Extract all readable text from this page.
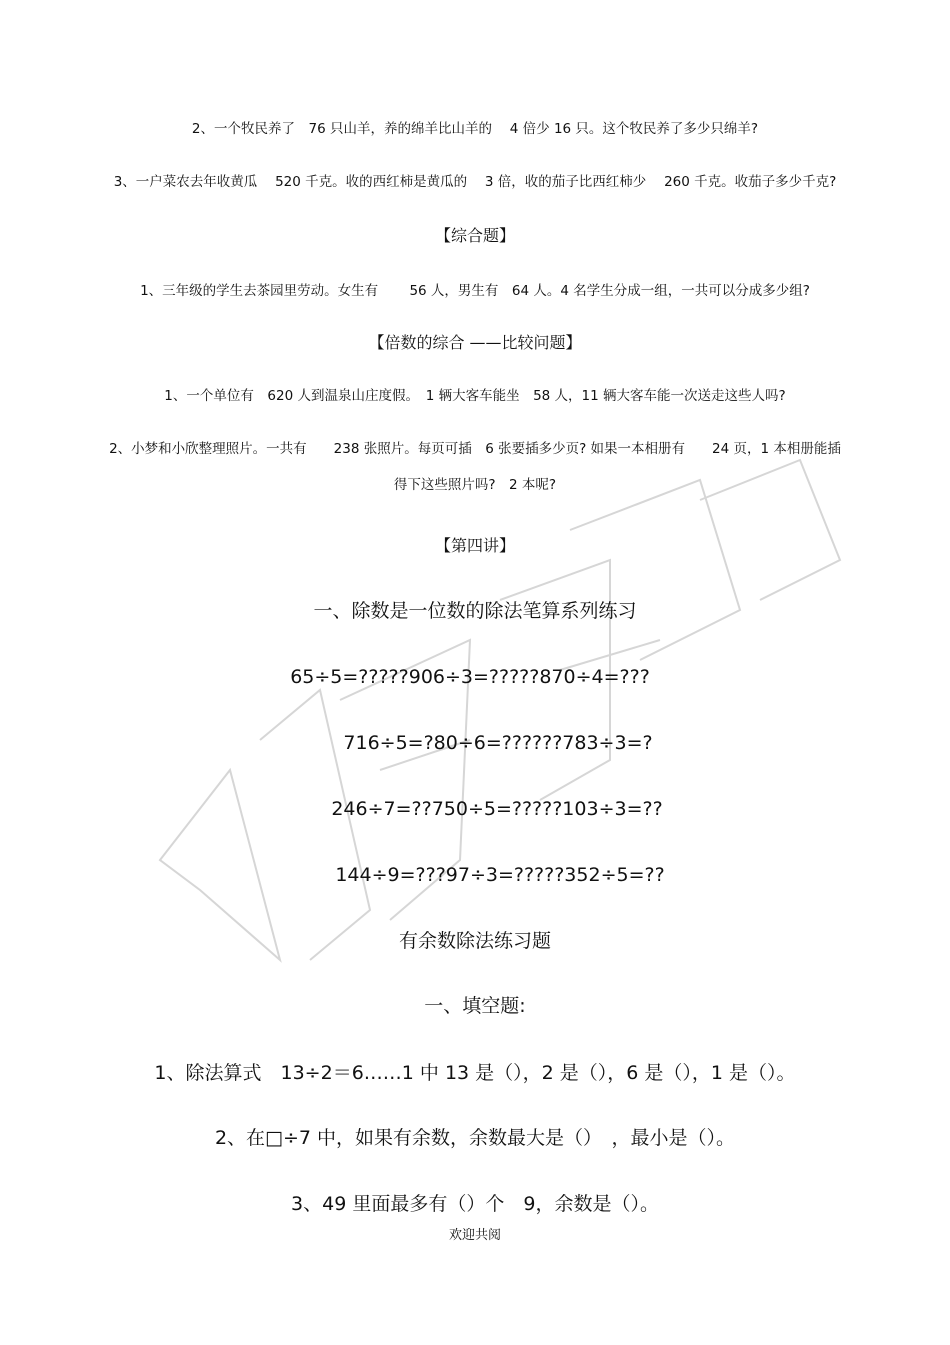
2、一个牧民养了　76 只山羊，养的绵羊比山羊的　 4 倍少 16 只。这个牧民养了多少只绵羊?
3、一户菜农去年收黄瓜　 520 千克。收的西红柿是黄瓜的　 3 倍，收的茄子比西红柿少　 260 千克。收茄子多少千克?
【综合题】
1、三年级的学生去茶园里劳动。女生有　　 56 人，男生有　64 人。4 名学生分成一组，一共可以分成多少组?
【倍数的综合 ——比较问题】
1、一个单位有　620 人到温泉山庄度假。　1 辆大客车能坐　58 人，11 辆大客车能一次送走这些人吗?
2、小梦和小欣整理照片。一共有　　238 张照片。每页可插　6 张要插多少页? 如果一本相册有　　24 页，1 本相册能插
得下这些照片吗?　2 本呢?
【第四讲】
一、除数是一位数的除法笔算系列练习
65÷5=?????906÷3=?????870÷4=???
716÷5=?80÷6=??????783÷3=?
246÷7=??750÷5=?????103÷3=??
144÷9=???97÷3=?????352÷5=??
有余数除法练习题
一、填空题:
1、除法算式　13÷2＝6……1 中 13 是（），2 是（），6 是（），1 是（）。
2、在□÷7 中，如果有余数，余数最大是（）　，最小是（）。
3、49 里面最多有（）个　9，余数是（）。
欢迎共阅
